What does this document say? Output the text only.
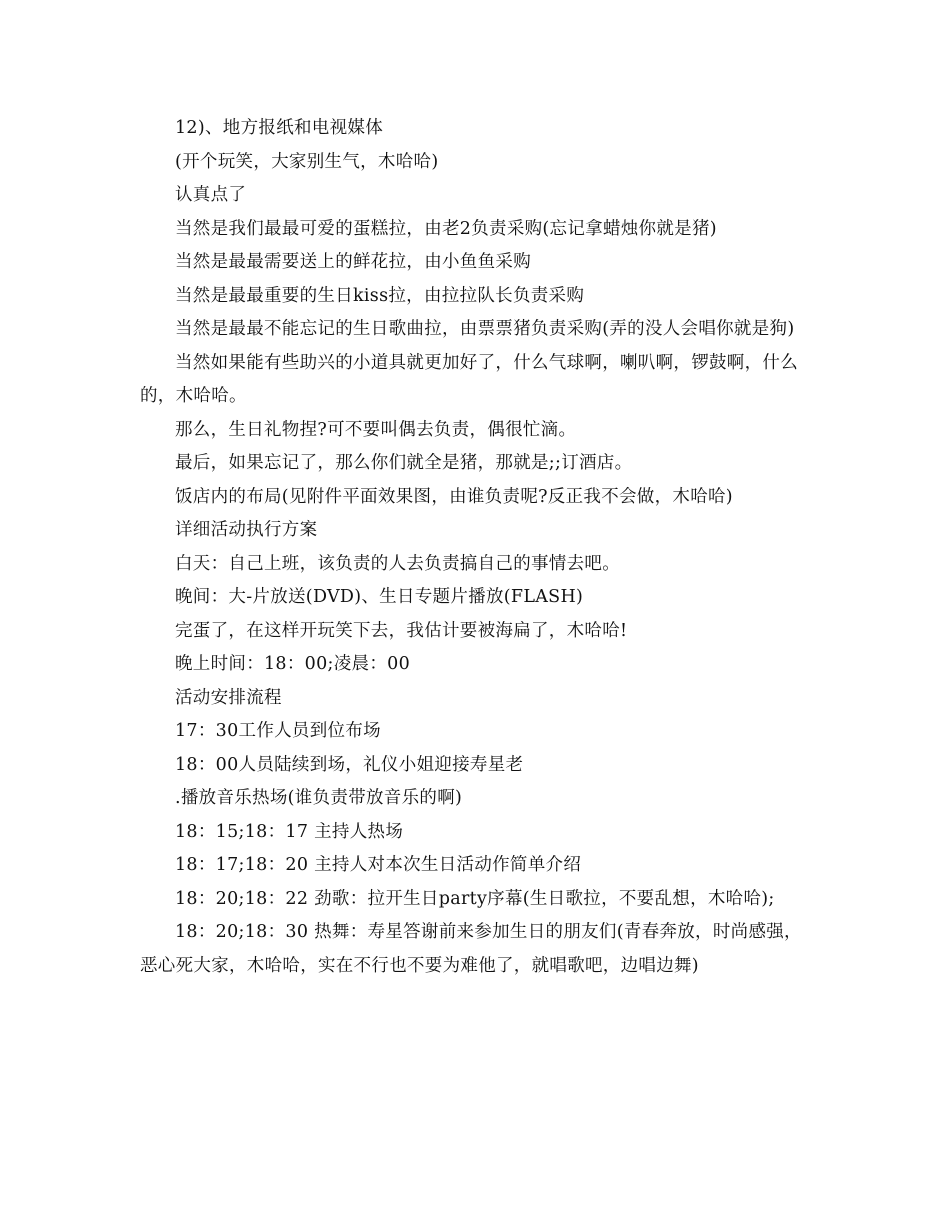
12)、地方报纸和电视媒体

(开个玩笑，大家别生气，木哈哈)

认真点了

当然是我们最最可爱的蛋糕拉，由老2负责采购(忘记拿蜡烛你就是猪)

当然是最最需要送上的鲜花拉，由小鱼鱼采购

当然是最最重要的生日kiss拉，由拉拉队长负责采购

当然是最最不能忘记的生日歌曲拉，由票票猪负责采购(弄的没人会唱你就是狗)

当然如果能有些助兴的小道具就更加好了，什么气球啊，喇叭啊，锣鼓啊，什么的，木哈哈。

那么，生日礼物捏?可不要叫偶去负责，偶很忙滴。

最后，如果忘记了，那么你们就全是猪，那就是;;订酒店。

饭店内的布局(见附件平面效果图，由谁负责呢?反正我不会做，木哈哈)

详细活动执行方案

白天：自己上班，该负责的人去负责搞自己的事情去吧。

晚间：大-片放送(DVD)、生日专题片播放(FLASH)

完蛋了，在这样开玩笑下去，我估计要被海扁了，木哈哈!

晚上时间：18：00;凌晨：00

活动安排流程

17：30工作人员到位布场

18：00人员陆续到场，礼仪小姐迎接寿星老

.播放音乐热场(谁负责带放音乐的啊)

18：15;18：17 主持人热场

18：17;18：20 主持人对本次生日活动作简单介绍

18：20;18：22 劲歌：拉开生日party序幕(生日歌拉，不要乱想，木哈哈);

18：20;18：30 热舞：寿星答谢前来参加生日的朋友们(青春奔放，时尚感强，恶心死大家，木哈哈，实在不行也不要为难他了，就唱歌吧，边唱边舞)
